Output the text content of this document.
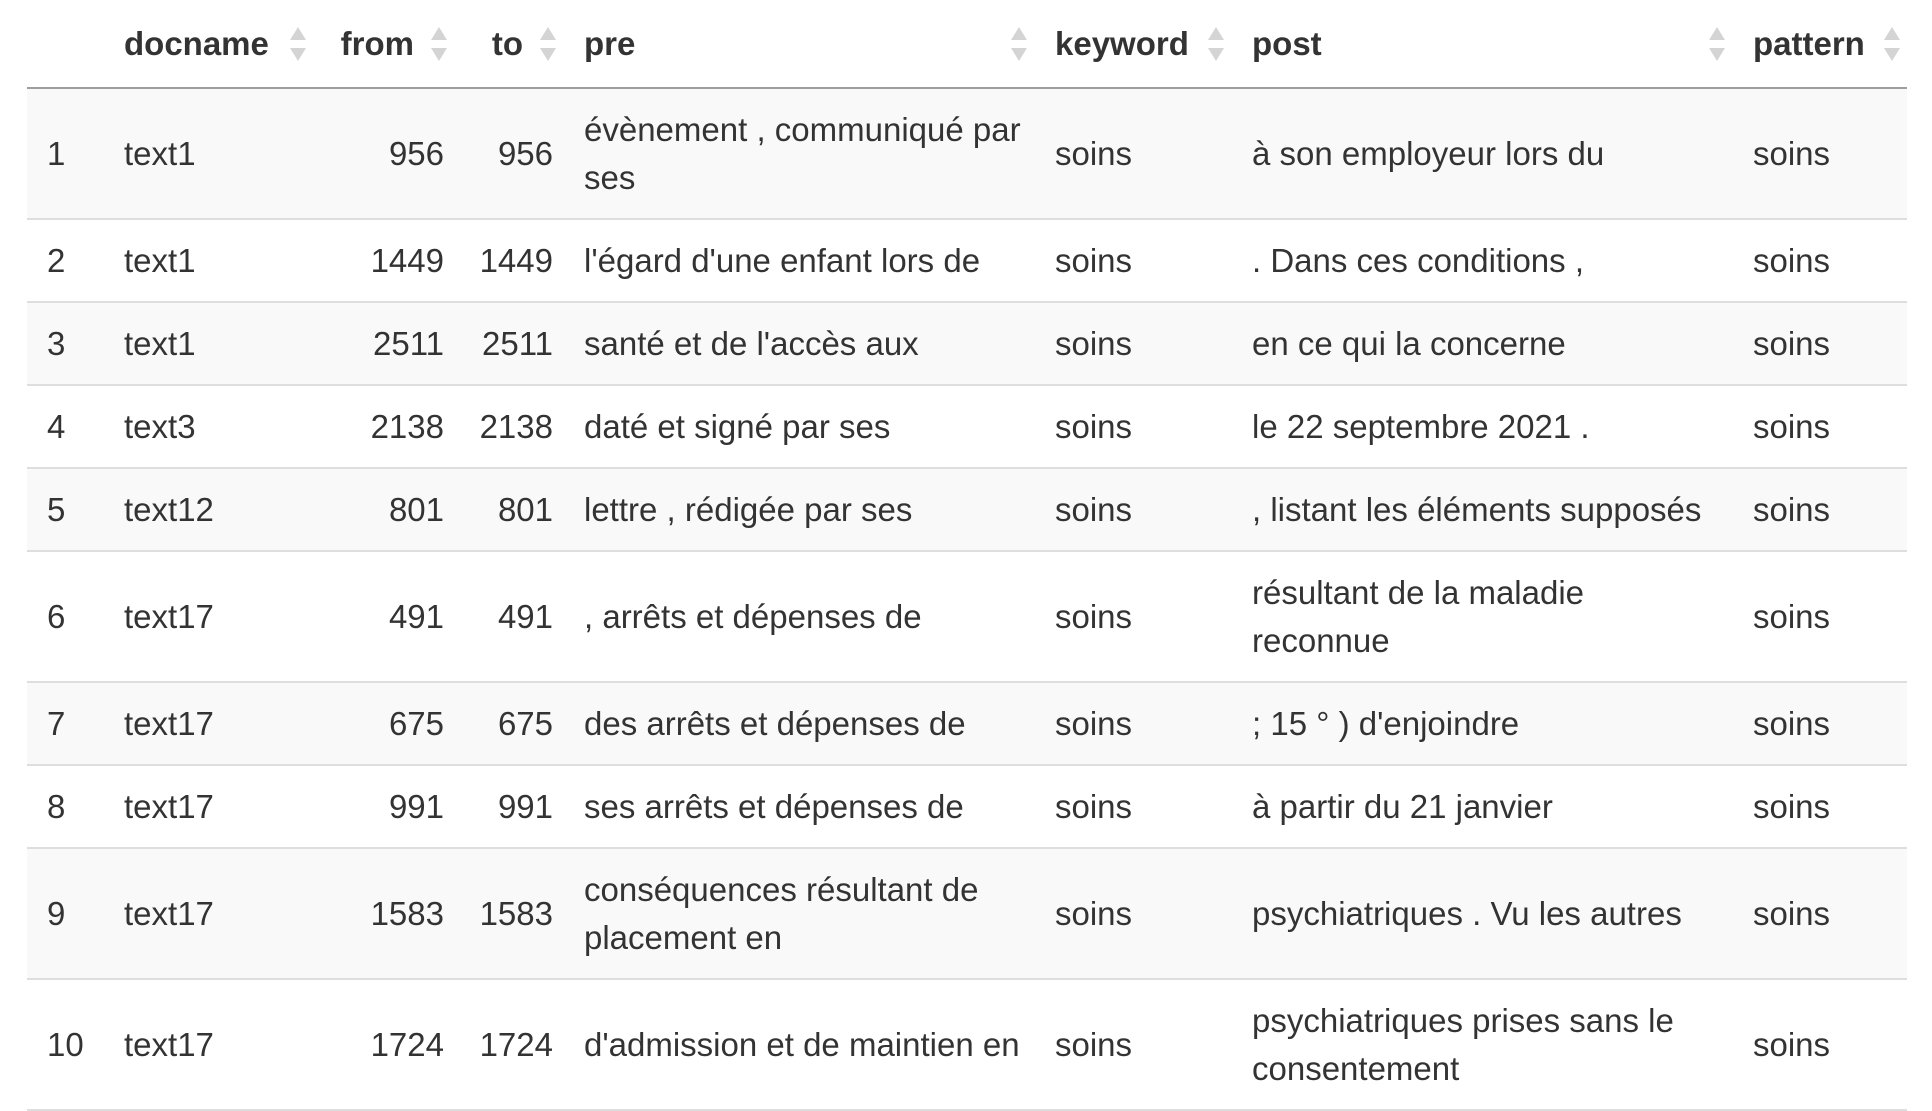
	docname	from	to	pre	keyword	post	pattern

1	text1	956	956	évènement , communiqué par ses	soins	à son employeur lors du	soins
2	text1	1449	1449	l'égard d'une enfant lors de	soins	. Dans ces conditions ,	soins
3	text1	2511	2511	santé et de l'accès aux	soins	en ce qui la concerne	soins
4	text3	2138	2138	daté et signé par ses	soins	le 22 septembre 2021 .	soins
5	text12	801	801	lettre , rédigée par ses	soins	, listant les éléments supposés	soins
6	text17	491	491	, arrêts et dépenses de	soins	résultant de la maladie reconnue	soins
7	text17	675	675	des arrêts et dépenses de	soins	; 15 ° ) d'enjoindre	soins
8	text17	991	991	ses arrêts et dépenses de	soins	à partir du 21 janvier	soins
9	text17	1583	1583	conséquences résultant de placement en	soins	psychiatriques . Vu les autres	soins
10	text17	1724	1724	d'admission et de maintien en	soins	psychiatriques prises sans le consentement	soins
